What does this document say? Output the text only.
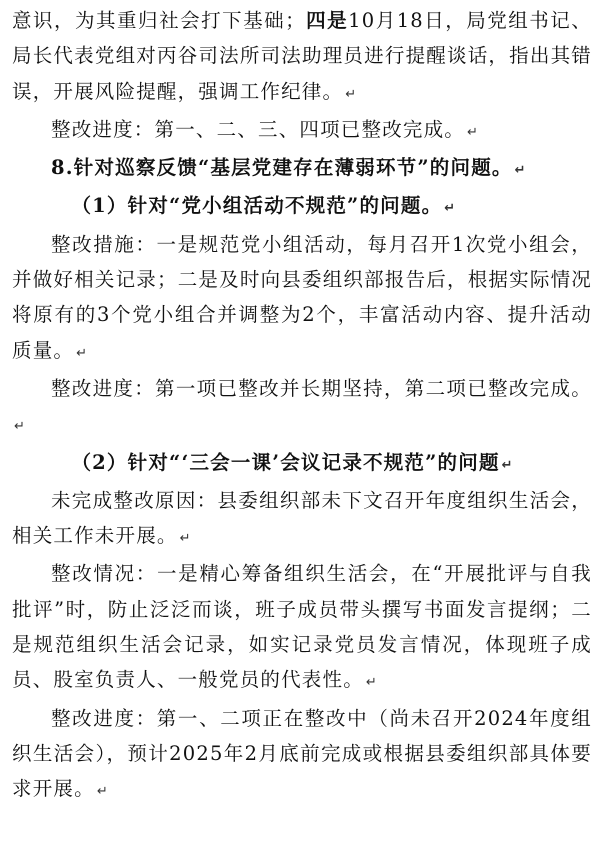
意识，为其重归社会打下基础；四是10月18日，局党组书记、局长代表党组对丙谷司法所司法助理员进行提醒谈话，指出其错误，开展风险提醒，强调工作纪律。 ↵

整改进度：第一、二、三、四项已整改完成。 ↵

8.针对巡察反馈“基层党建存在薄弱环节”的问题。 ↵

（1）针对“党小组活动不规范”的问题。 ↵

整改措施：一是规范党小组活动，每月召开1次党小组会，并做好相关记录；二是及时向县委组织部报告后，根据实际情况将原有的3个党小组合并调整为2个，丰富活动内容、提升活动质量。 ↵

整改进度：第一项已整改并长期坚持，第二项已整改完成。↵

（2）针对“‘三会一课’会议记录不规范”的问题 ↵

未完成整改原因：县委组织部未下文召开年度组织生活会，相关工作未开展。 ↵

整改情况：一是精心筹备组织生活会，在“开展批评与自我批评”时，防止泛泛而谈，班子成员带头撰写书面发言提纲；二是规范组织生活会记录，如实记录党员发言情况，体现班子成员、股室负责人、一般党员的代表性。 ↵

整改进度：第一、二项正在整改中（尚未召开2024年度组织生活会），预计2025年2月底前完成或根据县委组织部具体要求开展。 ↵
